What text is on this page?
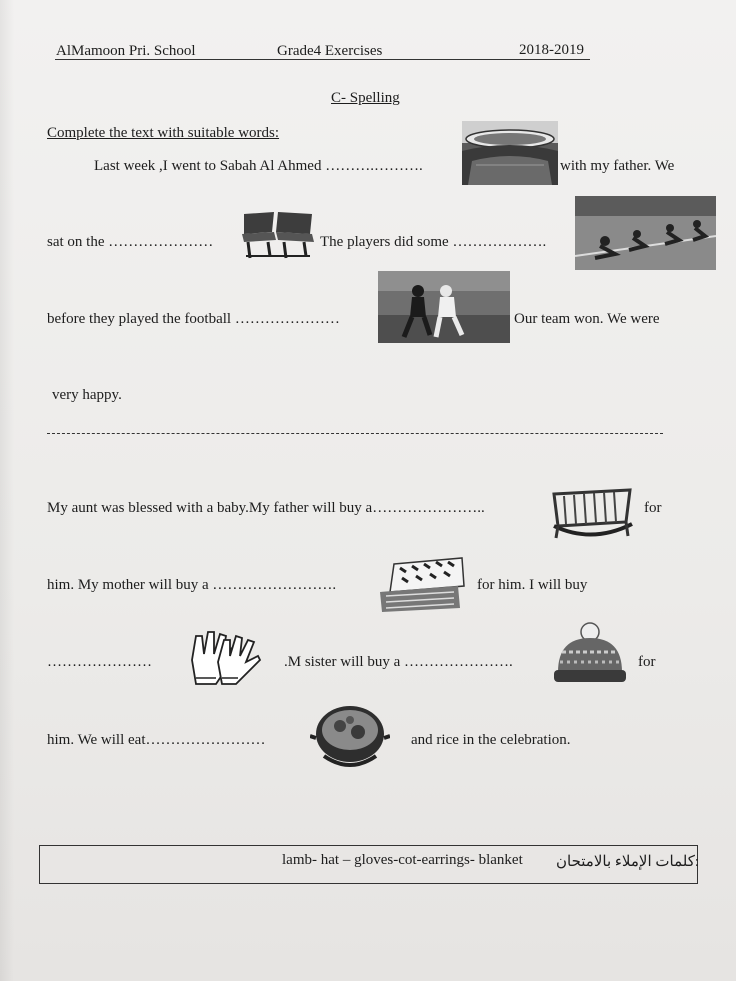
AlMamoon Pri. School	Grade4 Exercises	2018-2019
C- Spelling
Complete the text with suitable words:
Last week ,I went to Sabah Al Ahmed ……….……….	with my father. We
sat on the …………………	The players did some ……………….
before they played the football …………………	Our team won. We were
very happy.
My aunt was blessed with a baby.My father will buy a…………………..	for
him. My mother will buy a …………………….	for him. I will buy
…………………	.M sister will buy a ………………….	for
him. We will eat……………………	and rice in the celebration.
lamb- hat – gloves-cot-earrings- blanket :كلمات الإملاء بالامتحان
